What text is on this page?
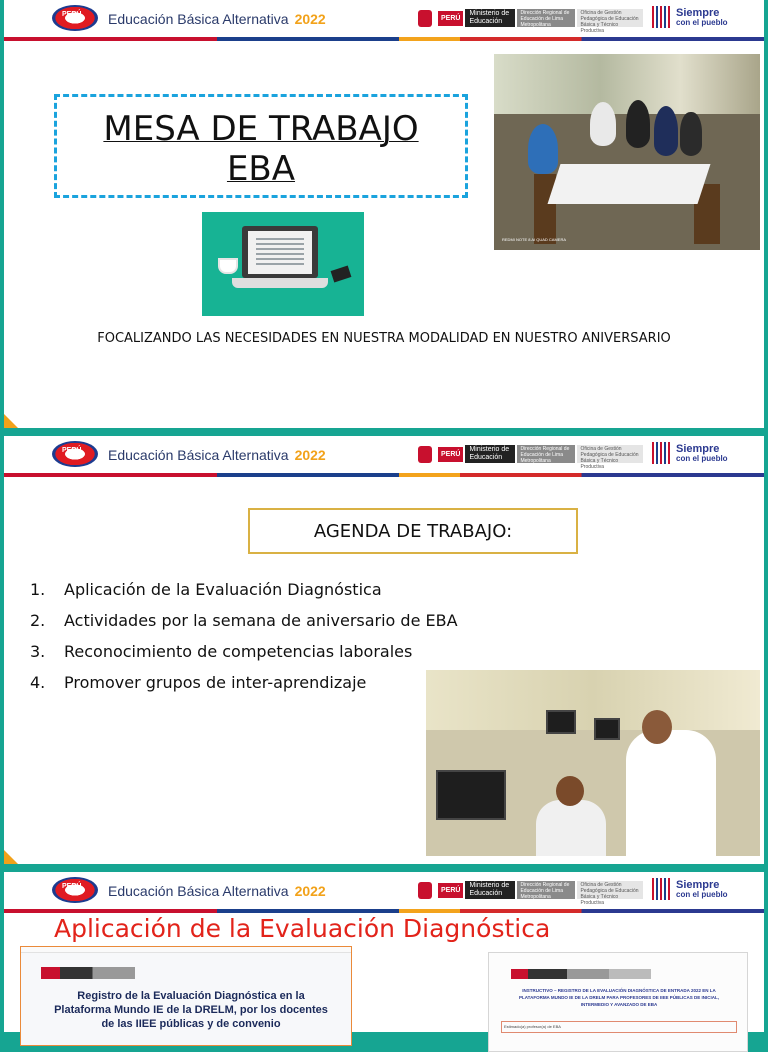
PERÚ Educación Básica Alternativa 2022	PERÚ
Ministerio de Educación
Dirección Regional de Educación de Lima Metropolitana
Oficina de Gestión Pedagógica de Educación Básica y Técnico Productiva
Siempre
con el pueblo
MESA DE TRABAJO
EBA
REDMI NOTE 8 AI QUAD CAMERA
FOCALIZANDO LAS NECESIDADES EN NUESTRA MODALIDAD EN NUESTRO ANIVERSARIO
PERÚ Educación Básica Alternativa 2022	PERÚ
Ministerio de Educación
Dirección Regional de Educación de Lima Metropolitana
Oficina de Gestión Pedagógica de Educación Básica y Técnico Productiva
Siempre
con el pueblo
AGENDA DE TRABAJO:
1.	Aplicación de la Evaluación Diagnóstica
2.	Actividades por la semana de aniversario de EBA
3.	Reconocimiento de competencias laborales
4.	Promover grupos de inter-aprendizaje
PERÚ Educación Básica Alternativa 2022	PERÚ
Ministerio de Educación
Dirección Regional de Educación de Lima Metropolitana
Oficina de Gestión Pedagógica de Educación Básica y Técnico Productiva
Siempre
con el pueblo
Aplicación de la Evaluación Diagnóstica
Registro de la Evaluación Diagnóstica en la Plataforma Mundo IE de la DRELM, por los docentes de las IIEE públicas y de convenio
INSTRUCTIVO – REGISTRO DE LA EVALUACIÓN DIAGNÓSTICA DE ENTRADA 2022 EN LA PLATAFORMA MUNDO IE DE LA DRELM PARA PROFESORES DE IIEE PÚBLICAS DE INICIAL, INTERMEDIO Y AVANZADO DE EBA
Estimado(a) profesor(a) de EBA
